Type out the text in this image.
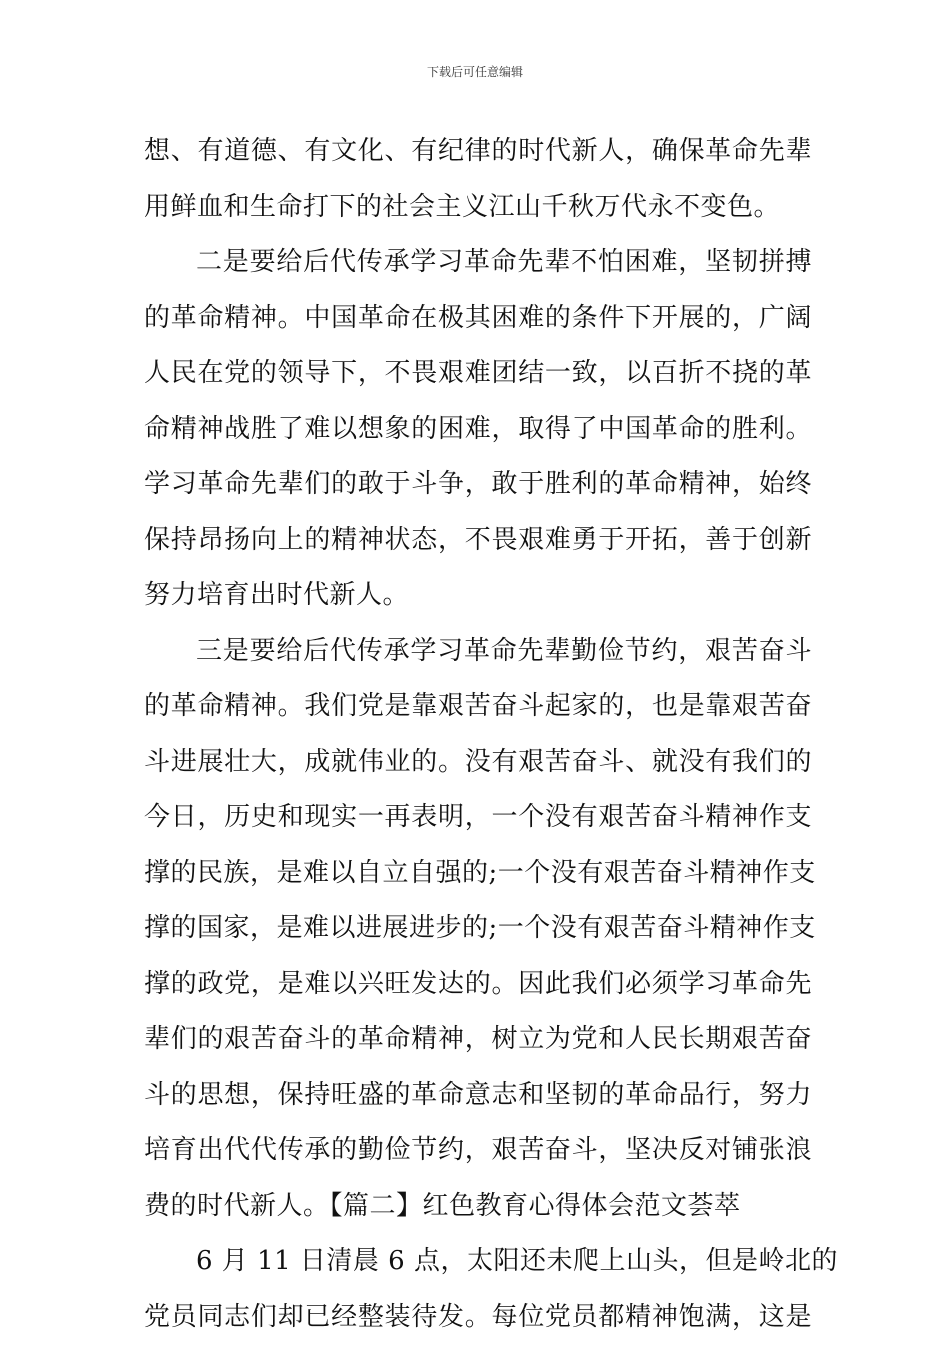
下载后可任意编辑
想、有道德、有文化、有纪律的时代新人，确保革命先辈
用鲜血和生命打下的社会主义江山千秋万代永不变色。
二是要给后代传承学习革命先辈不怕困难，坚韧拼搏
的革命精神。中国革命在极其困难的条件下开展的，广阔
人民在党的领导下，不畏艰难团结一致，以百折不挠的革
命精神战胜了难以想象的困难，取得了中国革命的胜利。
学习革命先辈们的敢于斗争，敢于胜利的革命精神，始终
保持昂扬向上的精神状态，不畏艰难勇于开拓，善于创新
努力培育出时代新人。
三是要给后代传承学习革命先辈勤俭节约，艰苦奋斗
的革命精神。我们党是靠艰苦奋斗起家的，也是靠艰苦奋
斗进展壮大，成就伟业的。没有艰苦奋斗、就没有我们的
今日，历史和现实一再表明，一个没有艰苦奋斗精神作支
撑的民族，是难以自立自强的;一个没有艰苦奋斗精神作支
撑的国家，是难以进展进步的;一个没有艰苦奋斗精神作支
撑的政党，是难以兴旺发达的。因此我们必须学习革命先
辈们的艰苦奋斗的革命精神，树立为党和人民长期艰苦奋
斗的思想，保持旺盛的革命意志和坚韧的革命品行，努力
培育出代代传承的勤俭节约，艰苦奋斗，坚决反对铺张浪
费的时代新人。【篇二】红色教育心得体会范文荟萃
6 月 11 日清晨 6 点，太阳还未爬上山头，但是岭北的
党员同志们却已经整装待发。每位党员都精神饱满，这是
